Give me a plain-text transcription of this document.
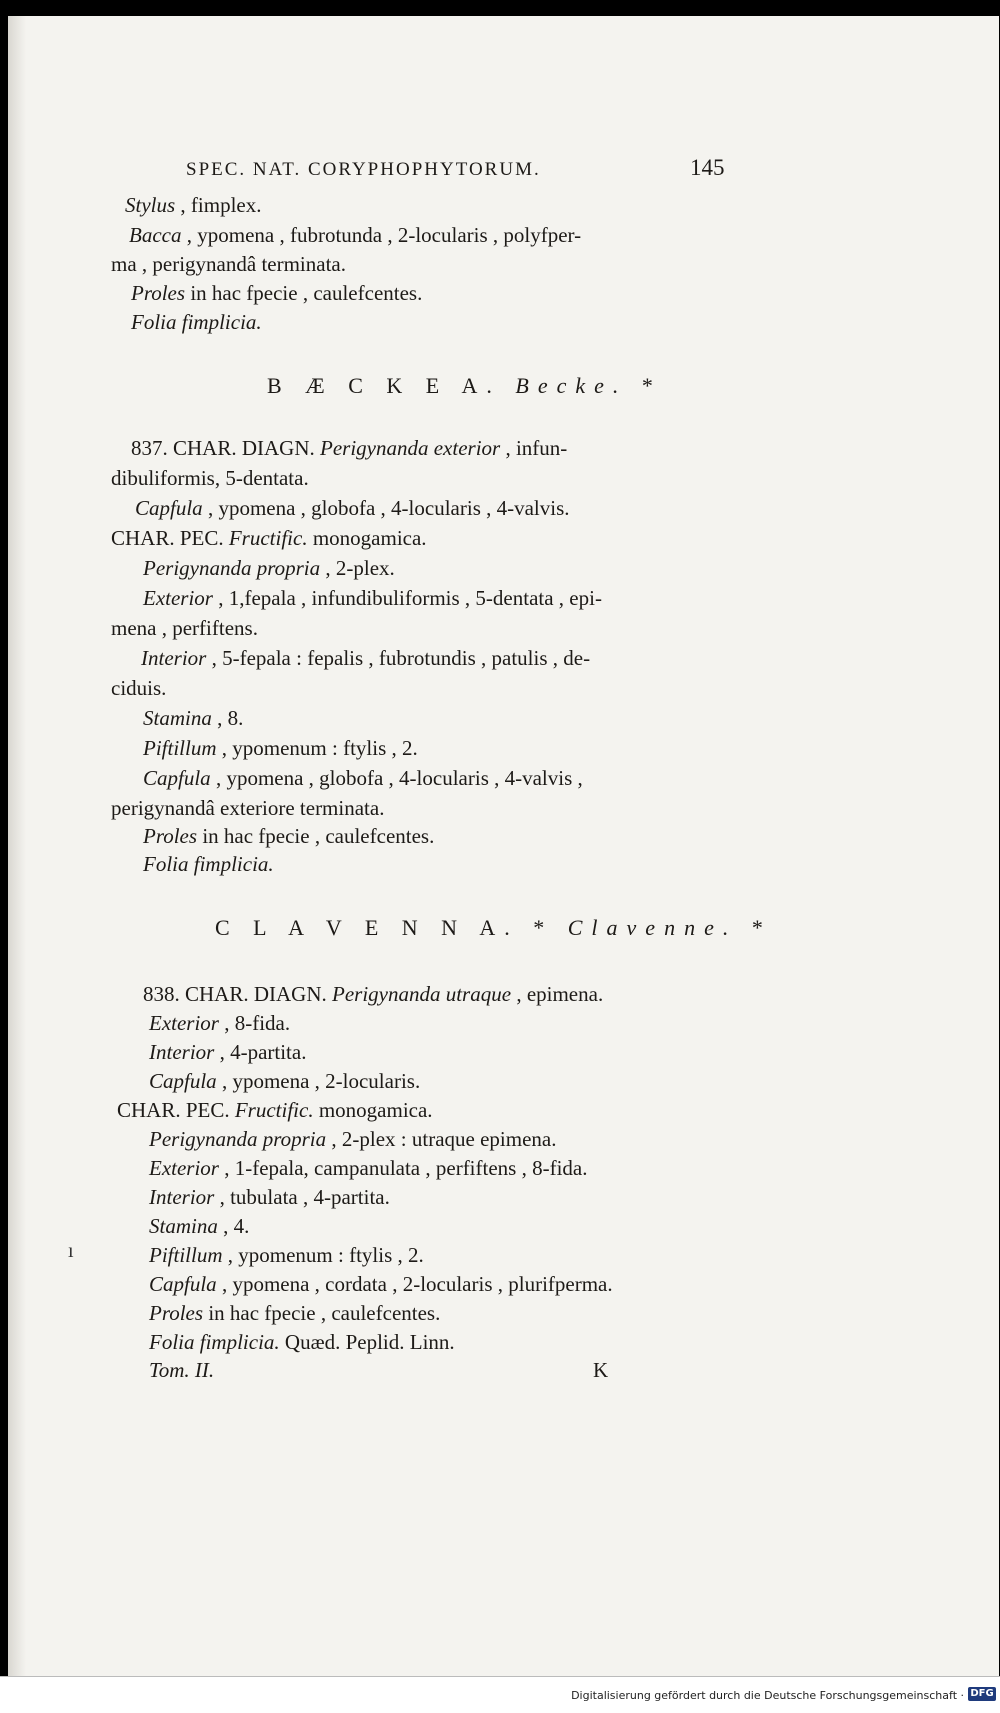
SPEC. NAT. CORYPHOPHYTORUM.	145
Stylus , fimplex.
Bacca , ypomena , fubrotunda , 2-locularis , polyfper-
ma , perigynandâ terminata.
Proles in hac fpecie , caulefcentes.
Folia fimplicia.
B Æ C K E A. Becke. *
837. CHAR. DIAGN. Perigynanda exterior , infun-
dibuliformis, 5-dentata.
Capfula , ypomena , globofa , 4-locularis , 4-valvis.
CHAR. PEC. Fructific. monogamica.
Perigynanda propria , 2-plex.
Exterior , 1,fepala , infundibuliformis , 5-dentata , epi-
mena , perfiftens.
Interior , 5-fepala : fepalis , fubrotundis , patulis , de-
ciduis.
Stamina , 8.
Piftillum , ypomenum : ftylis , 2.
Capfula , ypomena , globofa , 4-locularis , 4-valvis ,
perigynandâ exteriore terminata.
Proles in hac fpecie , caulefcentes.
Folia fimplicia.
C L A V E N N A. * Clavenne. *
838. CHAR. DIAGN. Perigynanda utraque , epimena.
Exterior , 8-fida.
Interior , 4-partita.
Capfula , ypomena , 2-locularis.
CHAR. PEC. Fructific. monogamica.
Perigynanda propria , 2-plex : utraque epimena.
Exterior , 1-fepala, campanulata , perfiftens , 8-fida.
Interior , tubulata , 4-partita.
Stamina , 4.
Piftillum , ypomenum : ftylis , 2.
Capfula , ypomena , cordata , 2-locularis , plurifperma.
Proles in hac fpecie , caulefcentes.
Folia fimplicia. Quæd. Peplid. Linn.
Tom. II.	K
ı
Digitalisierung gefördert durch die Deutsche Forschungsgemeinschaft · DFG
